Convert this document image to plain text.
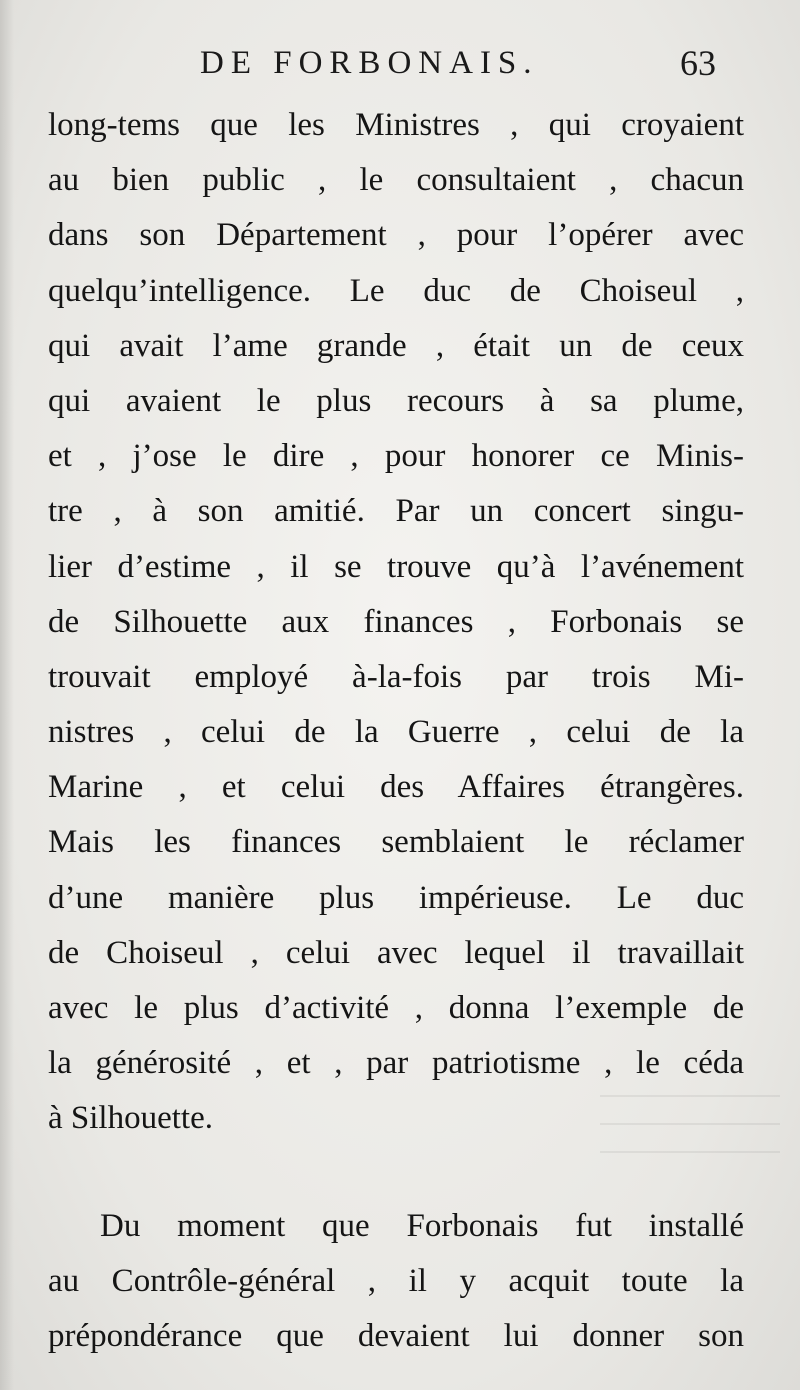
DE FORBONAIS.	63
long-tems que les Ministres , qui croyaient
au bien public , le consultaient , chacun
dans son Département , pour l’opérer avec
quelqu’intelligence. Le duc de Choiseul ,
qui avait l’ame grande , était un de ceux
qui avaient le plus recours à sa plume,
et , j’ose le dire , pour honorer ce Minis-
tre , à son amitié. Par un concert singu-
lier d’estime , il se trouve qu’à l’avénement
de Silhouette aux finances , Forbonais se
trouvait employé à-la-fois par trois Mi-
nistres , celui de la Guerre , celui de la
Marine , et celui des Affaires étrangères.
Mais les finances semblaient le réclamer
d’une manière plus impérieuse. Le duc
de Choiseul , celui avec lequel il travaillait
avec le plus d’activité , donna l’exemple de
la générosité , et , par patriotisme , le céda
à Silhouette.
Du moment que Forbonais fut installé
au Contrôle-général , il y acquit toute la
prépondérance que devaient lui donner son
